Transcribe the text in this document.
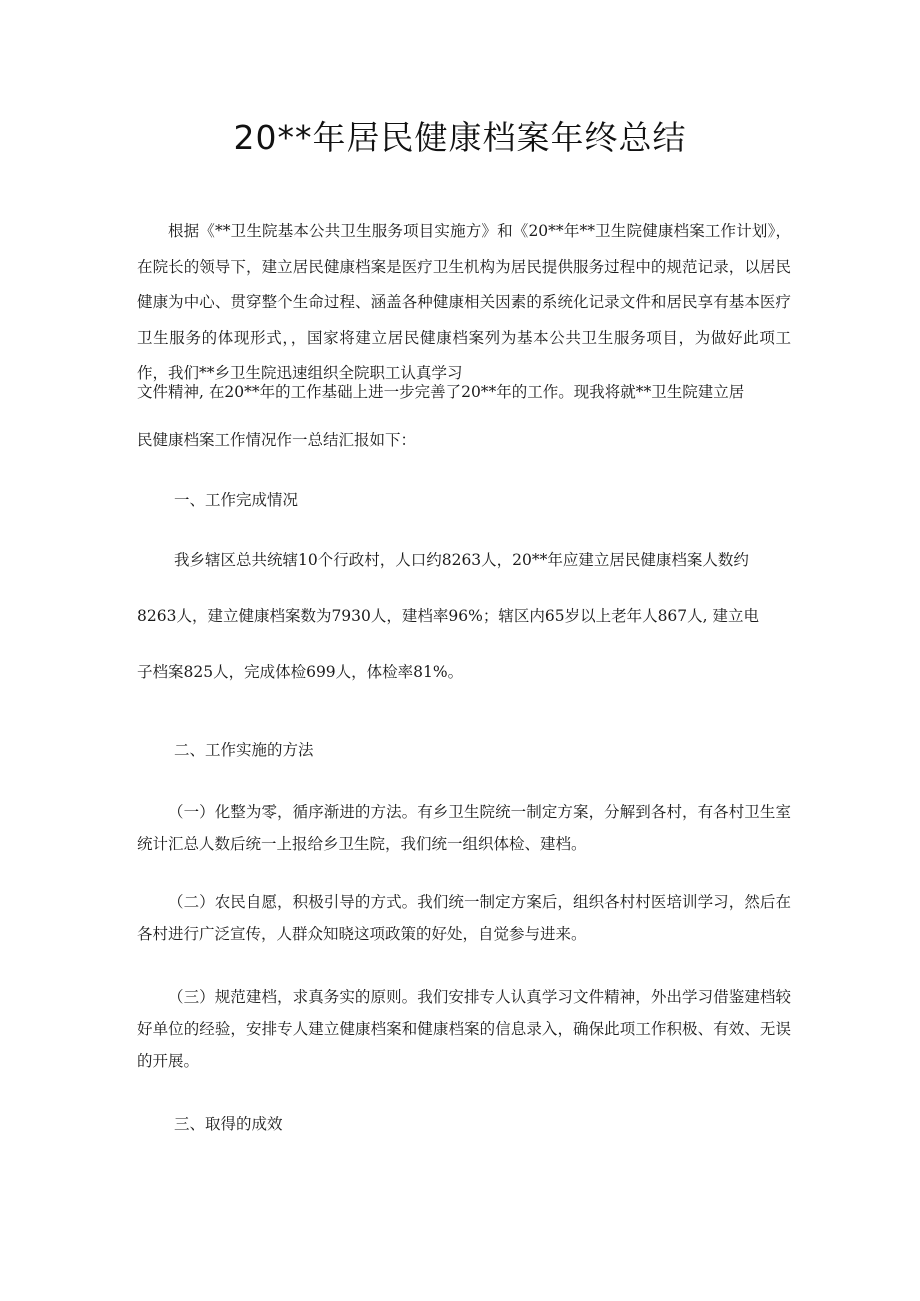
20**年居民健康档案年终总结

根据《**卫生院基本公共卫生服务项目实施方》和《20**年**卫生院健康档案工作计划》，在院长的领导下，建立居民健康档案是医疗卫生机构为居民提供服务过程中的规范记录，以居民健康为中心、贯穿整个生命过程、涵盖各种健康相关因素的系统化记录文件和居民享有基本医疗卫生服务的体现形式，，国家将建立居民健康档案列为基本公共卫生服务项目，为做好此项工作，我们**乡卫生院迅速组织全院职工认真学习

文件精神, 在20**年的工作基础上进一步完善了20**年的工作。现我将就**卫生院建立居
民健康档案工作情况作一总结汇报如下：
一、工作完成情况
我乡辖区总共统辖10个行政村，人口约8263人，20**年应建立居民健康档案人数约
8263人，建立健康档案数为7930人，建档率96%；辖区内65岁以上老年人867人, 建立电
子档案825人，完成体检699人，体检率81%。
二、工作实施的方法

（一）化整为零，循序渐进的方法。有乡卫生院统一制定方案，分解到各村，有各村卫生室统计汇总人数后统一上报给乡卫生院，我们统一组织体检、建档。

（二）农民自愿，积极引导的方式。我们统一制定方案后，组织各村村医培训学习，然后在各村进行广泛宣传，人群众知晓这项政策的好处，自觉参与进来。

（三）规范建档，求真务实的原则。我们安排专人认真学习文件精神，外出学习借鉴建档较好单位的经验，安排专人建立健康档案和健康档案的信息录入，确保此项工作积极、有效、无误的开展。

三、取得的成效
